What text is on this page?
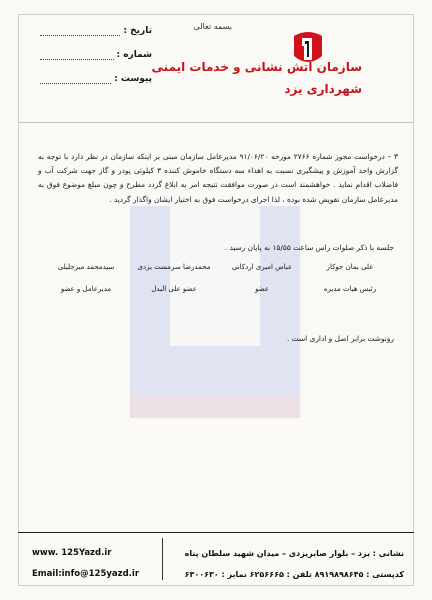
بسمه تعالی
سازمان آتش نشانی و خدمات ایمنی
شهرداری یزد
تاریخ :
شماره :
پیوست :
۳ – درخواست مجوز شماره ۲۷۶۶ مورخه ۹۱/۰۶/۲۰ مدیرعامل سازمان مبنی بر اینکه سازمان در نظر دارد با توجه به گزارش واحد آموزش و پیشگیری نسبت به اهداء سه دستگاه خاموش کننده ۳ کیلوئی پودر و گاز جهت شرکت آب و فاضلاب اقدام نماید . خواهشمند است در صورت موافقت نتیجه امر به ابلاغ گردد مطرح و چون مبلغ موضوع فوق به مدیرعامل سازمان تفویض شده بوده ، لذا اجرای درخواست فوق به اختیار ایشان واگذار گردید .
جلسه با ذکر صلوات راس ساعت ۱۵/۵۵ به پایان رسید .
علی بمان جوکار
عباس امیری اردکانی
محمدرضا سرمست یزدی
سیدمحمد میرجلیلی
رئیس هیات مدیره
عضو
عضو علی البدل
مدیرعامل و عضو
رونوشت برابر اصل و اداری است .
www. 125Yazd.ir
Email:info@125yazd.ir
نشانی : یزد – بلوار صابریزدی – میدان شهید سلطان پناه
کدپستی : ۸۹۱۹۸۹۸۶۴۵ تلفن : ۶۲۵۶۶۶۵ نمابر : ۶۳۰۰۶۳۰
